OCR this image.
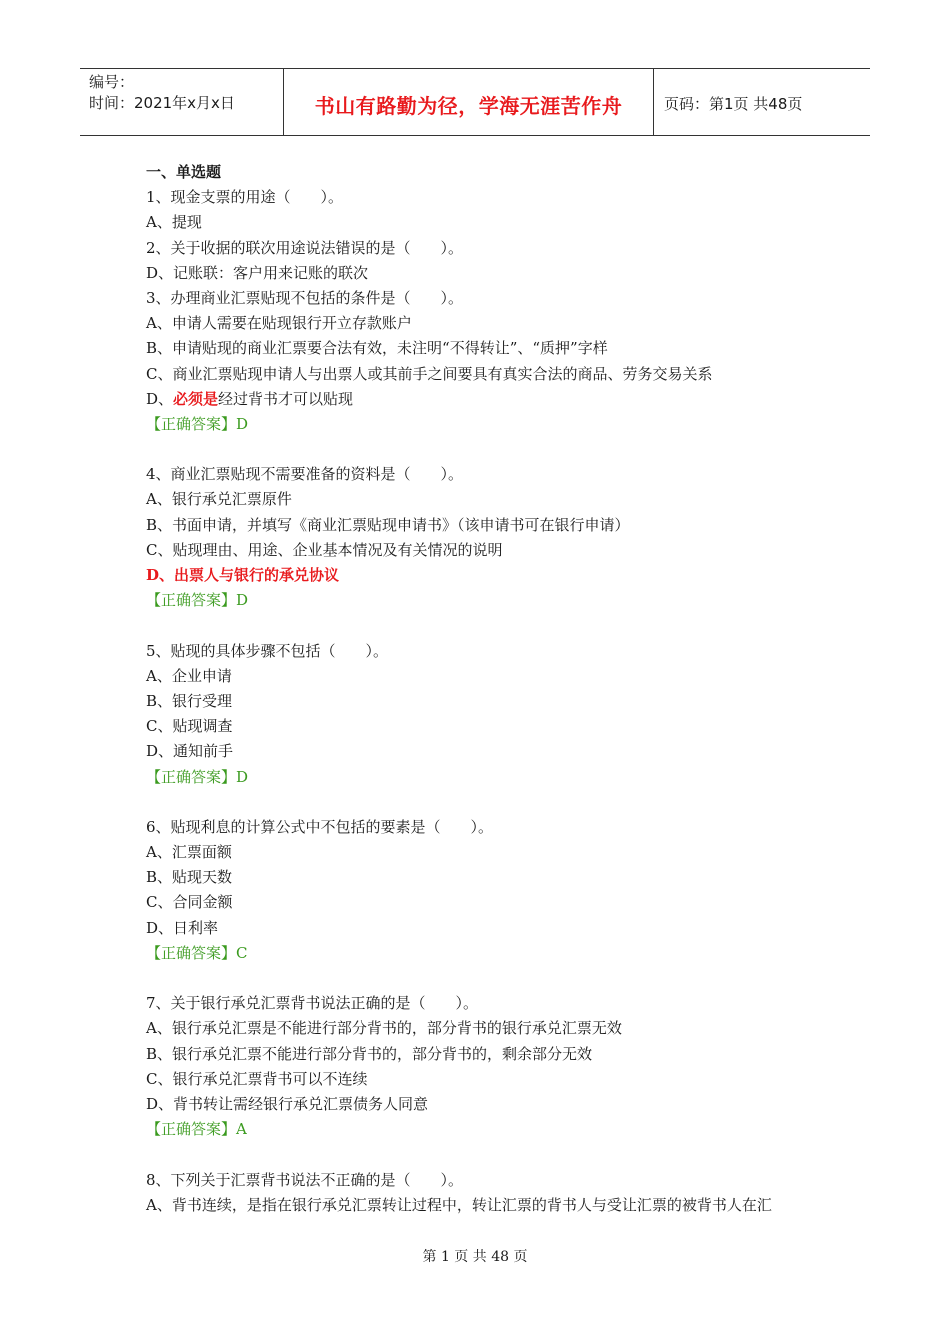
编号：
时间：2021年x月x日	书山有路勤为径，学海无涯苦作舟	页码：第1页 共48页
一、单选题
1、现金支票的用途（　　）。
A、提现
2、关于收据的联次用途说法错误的是（　　）。
D、记账联：客户用来记账的联次
3、办理商业汇票贴现不包括的条件是（　　）。
A、申请人需要在贴现银行开立存款账户
B、申请贴现的商业汇票要合法有效，未注明“不得转让”、“质押”字样
C、商业汇票贴现申请人与出票人或其前手之间要具有真实合法的商品、劳务交易关系
D、必须是经过背书才可以贴现
【正确答案】D
4、商业汇票贴现不需要准备的资料是（　　）。
A、银行承兑汇票原件
B、书面申请，并填写《商业汇票贴现申请书》（该申请书可在银行申请）
C、贴现理由、用途、企业基本情况及有关情况的说明
D、出票人与银行的承兑协议
【正确答案】D
5、贴现的具体步骤不包括（　　）。
A、企业申请
B、银行受理
C、贴现调查
D、通知前手
【正确答案】D
6、贴现利息的计算公式中不包括的要素是（　　）。
A、汇票面额
B、贴现天数
C、合同金额
D、日利率
【正确答案】C
7、关于银行承兑汇票背书说法正确的是（　　）。
A、银行承兑汇票是不能进行部分背书的，部分背书的银行承兑汇票无效
B、银行承兑汇票不能进行部分背书的，部分背书的，剩余部分无效
C、银行承兑汇票背书可以不连续
D、背书转让需经银行承兑汇票债务人同意
【正确答案】A
8、下列关于汇票背书说法不正确的是（　　）。
A、背书连续，是指在银行承兑汇票转让过程中，转让汇票的背书人与受让汇票的被背书人在汇
第 1 页 共 48 页
